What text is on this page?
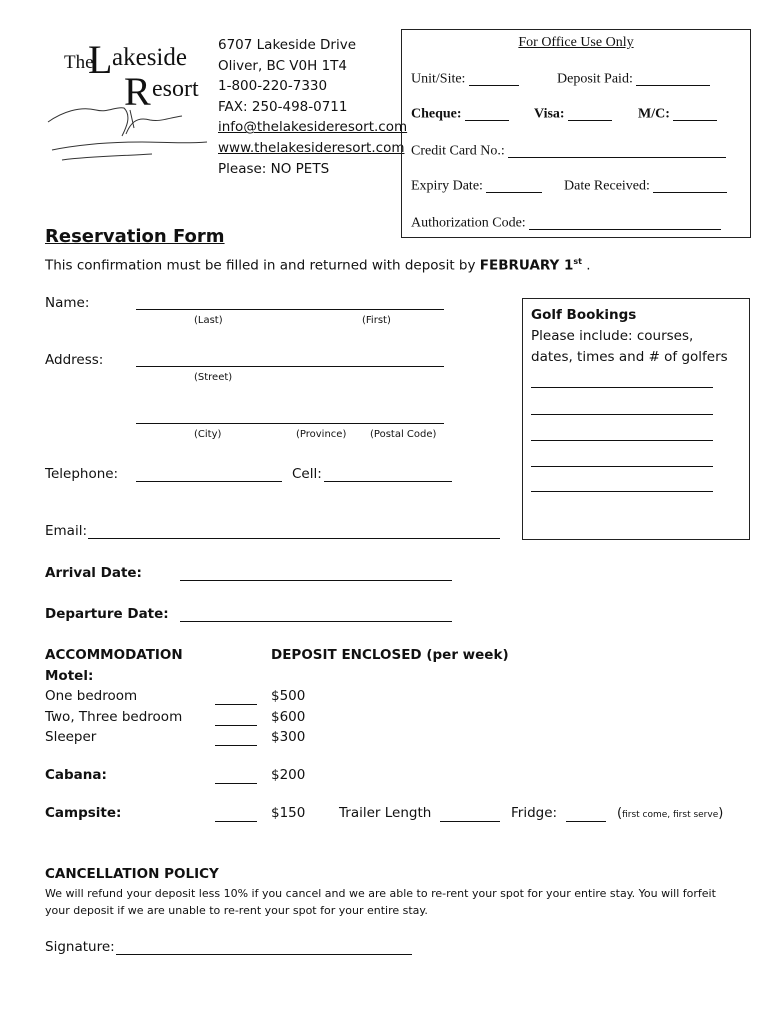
The
L akeside
R esort
6707 Lakeside Drive
Oliver, BC V0H 1T4
1-800-220-7330
FAX: 250-498-0711
info@thelakesideresort.com
www.thelakesideresort.com
Please: NO PETS
For Office Use Only
Unit/Site:	Deposit Paid:
Cheque:	Visa:	M/C:
Credit Card No.:
Expiry Date:	Date Received:
Authorization Code:
Reservation Form
This confirmation must be filled in and returned with deposit by FEBRUARY 1st .
Name:
(Last)	(First)
Address:
(Street)
(City)	(Province) (Postal Code)
Telephone:	Cell:
Email:
Golf Bookings
Please include: courses,
dates, times and # of golfers
Arrival Date:
Departure Date:
ACCOMMODATION	DEPOSIT ENCLOSED (per week)
Motel:
One bedroom	$500
Two, Three bedroom	$600
Sleeper	$300
Cabana:	$200
Campsite:	$150 Trailer Length	Fridge:	(first come, first serve)
CANCELLATION POLICY
We will refund your deposit less 10% if you cancel and we are able to re-rent your spot for your entire stay. You will forfeit your deposit if we are unable to re-rent your spot for your entire stay.
Signature:
